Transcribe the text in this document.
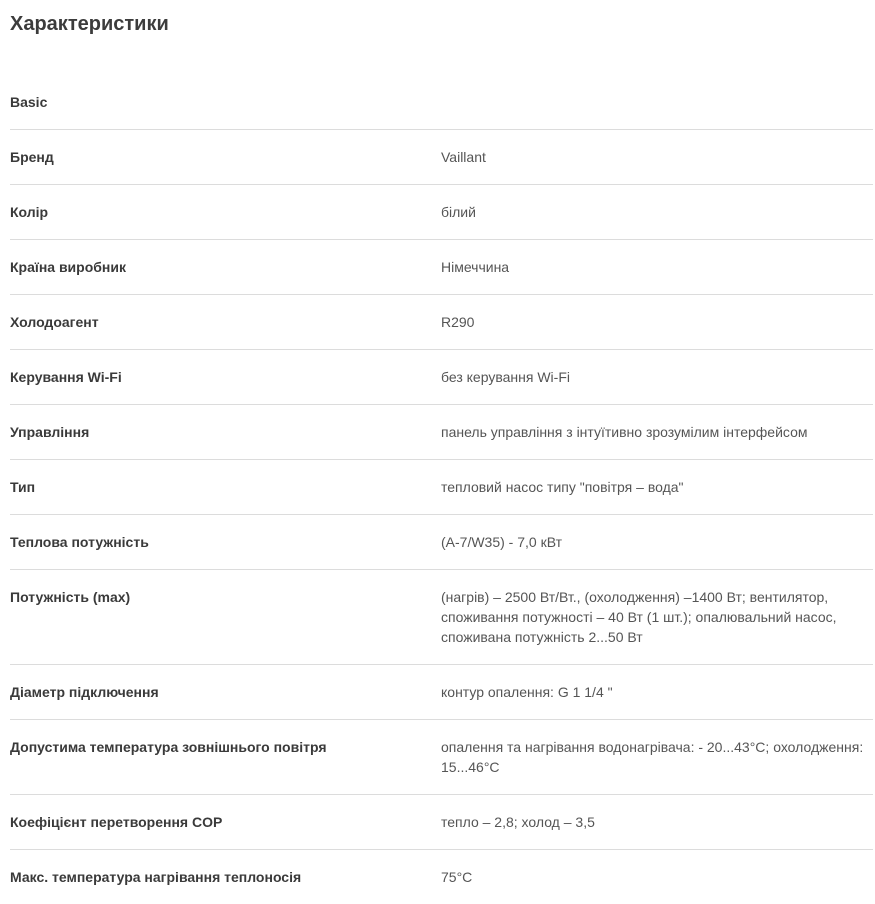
Характеристики
Basic
Бренд	Vaillant
Колір	білий
Країна виробник	Німеччина
Холодоагент	R290
Керування Wi-Fi	без керування Wi-Fi
Управління	панель управління з інтуїтивно зрозумілим інтерфейсом
Тип	тепловий насос типу "повітря – вода"
Теплова потужність	(A-7/W35) - 7,0 кВт
Потужність (max)	(нагрів) – 2500 Вт/Вт., (охолодження) –1400 Вт; вентилятор, споживання потужності – 40 Вт (1 шт.); опалювальний насос, споживана потужність 2...50 Вт
Діаметр підключення	контур опалення: G 1 1/4 "
Допустима температура зовнішнього повітря	опалення та нагрівання водонагрівача: - 20...43°C; охолодження: 15...46°C
Коефіцієнт перетворення COP	тепло – 2,8; холод – 3,5
Макс. температура нагрівання теплоносія	75°C
